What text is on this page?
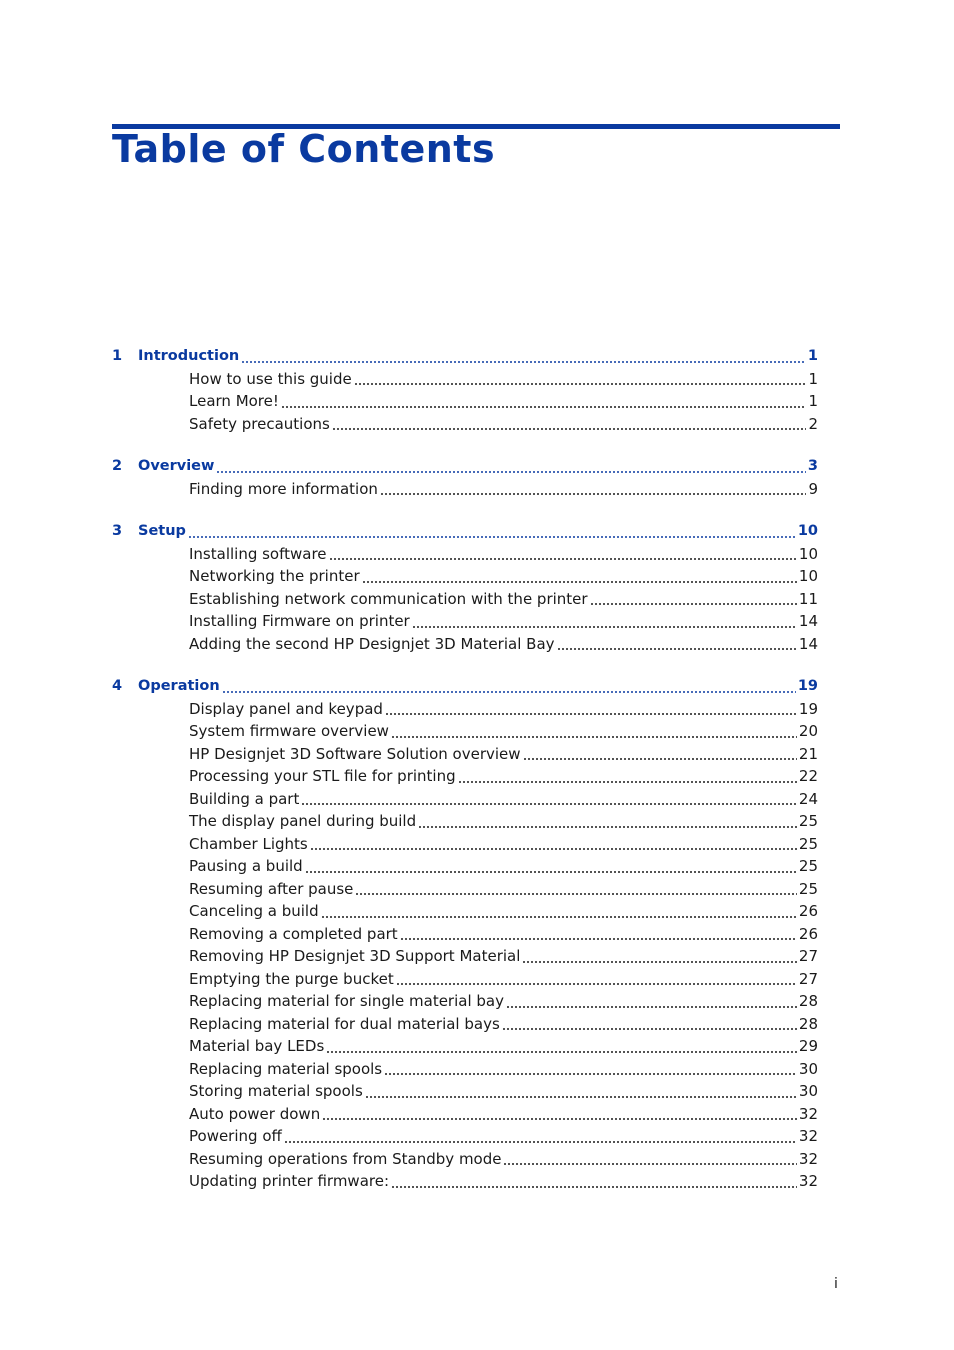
Table of Contents
1	Introduction	1
How to use this guide	1
Learn More!	1
Safety precautions	2
2	Overview	3
Finding more information	9
3	Setup	10
Installing software	10
Networking the printer	10
Establishing network communication with the printer	11
Installing Firmware on printer	14
Adding the second HP Designjet 3D Material Bay	14
4	Operation	19
Display panel and keypad	19
System firmware overview	20
HP Designjet 3D Software Solution overview	21
Processing your STL file for printing	22
Building a part	24
The display panel during build	25
Chamber Lights	25
Pausing a build	25
Resuming after pause	25
Canceling a build	26
Removing a completed part	26
Removing HP Designjet 3D Support Material	27
Emptying the purge bucket	27
Replacing material for single material bay	28
Replacing material for dual material bays	28
Material bay LEDs	29
Replacing material spools	30
Storing material spools	30
Auto power down	32
Powering off	32
Resuming operations from Standby mode	32
Updating printer firmware:	32
i
